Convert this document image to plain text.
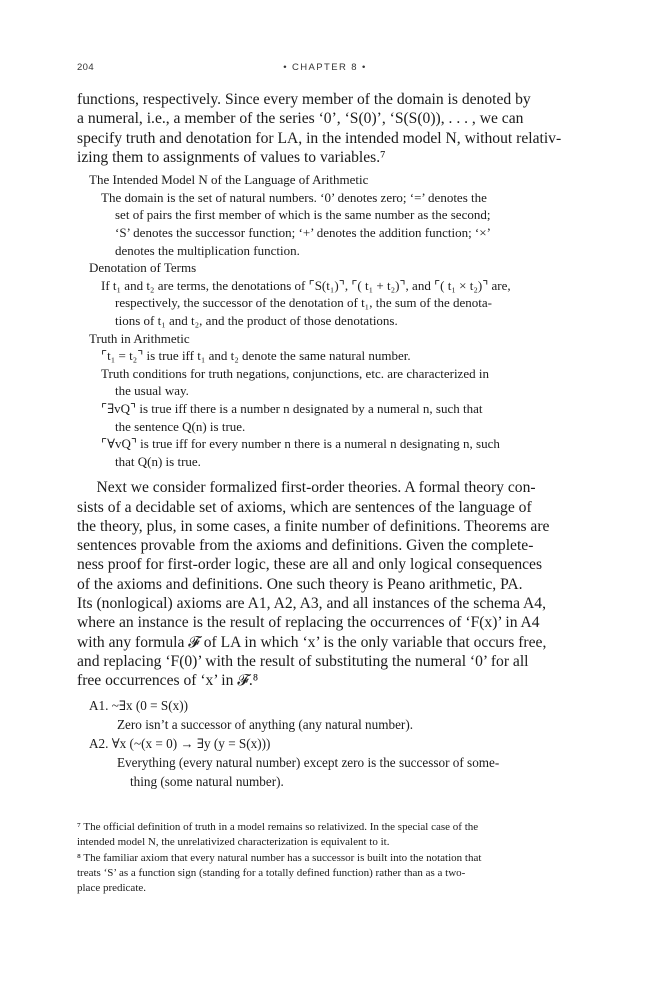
204	• CHAPTER 8 •

functions, respectively. Since every member of the domain is denoted by
a numeral, i.e., a member of the series ‘0’, ‘S(0)’, ‘S(S(0)), . . . , we can
specify truth and denotation for LA, in the intended model N, without relativ-
izing them to assignments of values to variables.⁷

The Intended Model N of the Language of Arithmetic
The domain is the set of natural numbers. ‘0’ denotes zero; ‘=’ denotes the
set of pairs the first member of which is the same number as the second;
‘S’ denotes the successor function; ‘+’ denotes the addition function; ‘×’
denotes the multiplication function.
Denotation of Terms
If t₁ and t₂ are terms, the denotations of ⌜S(t₁)⌝, ⌜( t₁ + t₂)⌝, and ⌜( t₁ × t₂)⌝ are,
respectively, the successor of the denotation of t₁, the sum of the denota-
tions of t₁ and t₂, and the product of those denotations.
Truth in Arithmetic
⌜t₁ = t₂⌝ is true iff t₁ and t₂ denote the same natural number.
Truth conditions for truth negations, conjunctions, etc. are characterized in
the usual way.
⌜∃vQ⌝ is true iff there is a number n designated by a numeral n, such that
the sentence Q(n) is true.
⌜∀vQ⌝ is true iff for every number n there is a numeral n designating n, such
that Q(n) is true.

Next we consider formalized first-order theories. A formal theory con-
sists of a decidable set of axioms, which are sentences of the language of
the theory, plus, in some cases, a finite number of definitions. Theorems are
sentences provable from the axioms and definitions. Given the complete-
ness proof for first-order logic, these are all and only logical consequences
of the axioms and definitions. One such theory is Peano arithmetic, PA.
Its (nonlogical) axioms are A1, A2, A3, and all instances of the schema A4,
where an instance is the result of replacing the occurrences of ‘F(x)’ in A4
with any formula 𝓕 of LA in which ‘x’ is the only variable that occurs free,
and replacing ‘F(0)’ with the result of substituting the numeral ‘0’ for all
free occurrences of ‘x’ in 𝓕.⁸

A1. ~∃x (0 = S(x))
Zero isn’t a successor of anything (any natural number).
A2. ∀x (~(x = 0) → ∃y (y = S(x)))
Everything (every natural number) except zero is the successor of some-
thing (some natural number).
⁷ The official definition of truth in a model remains so relativized. In the special case of the
intended model N, the unrelativized characterization is equivalent to it.
⁸ The familiar axiom that every natural number has a successor is built into the notation that
treats ‘S’ as a function sign (standing for a totally defined function) rather than as a two-
place predicate.
